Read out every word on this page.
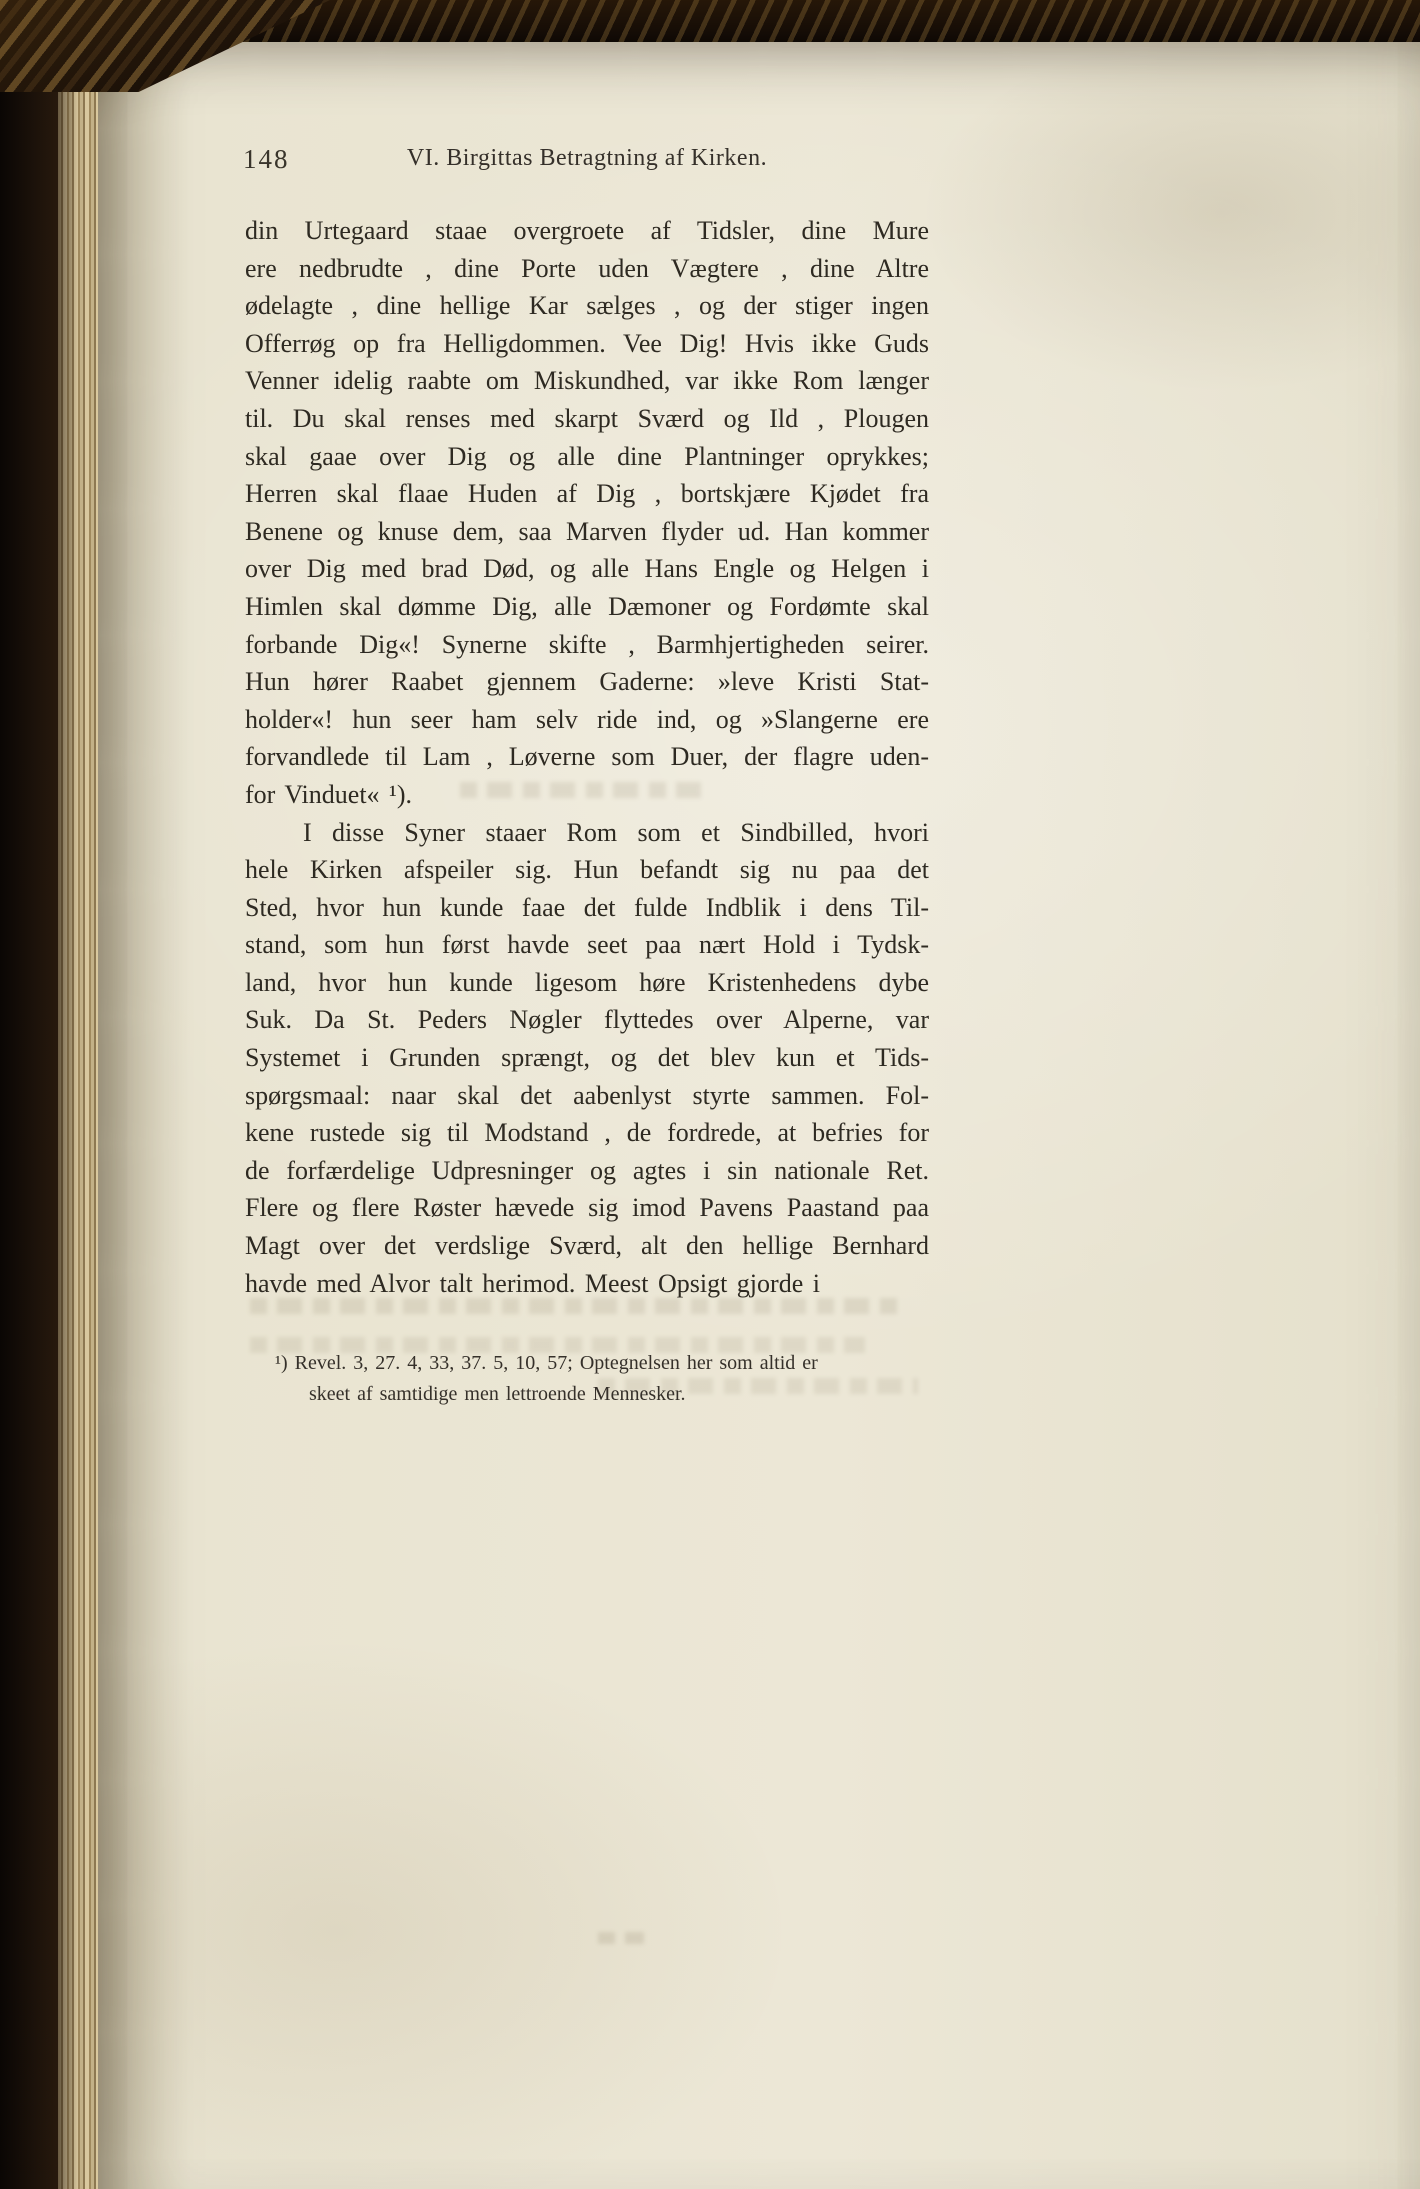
148	VI. Birgittas Betragtning af Kirken.
din Urtegaard staae overgroete af Tidsler, dine Mure
ere nedbrudte , dine Porte uden Vægtere , dine Altre
ødelagte , dine hellige Kar sælges , og der stiger ingen
Offerrøg op fra Helligdommen. Vee Dig! Hvis ikke Guds
Venner idelig raabte om Miskundhed, var ikke Rom længer
til. Du skal renses med skarpt Sværd og Ild , Plougen
skal gaae over Dig og alle dine Plantninger oprykkes;
Herren skal flaae Huden af Dig , bortskjære Kjødet fra
Benene og knuse dem, saa Marven flyder ud. Han kommer
over Dig med brad Død, og alle Hans Engle og Helgen i
Himlen skal dømme Dig, alle Dæmoner og Fordømte skal
forbande Dig«! Synerne skifte , Barmhjertigheden seirer.
Hun hører Raabet gjennem Gaderne: »leve Kristi Stat-
holder«! hun seer ham selv ride ind, og »Slangerne ere
forvandlede til Lam , Løverne som Duer, der flagre uden-
for Vinduet« ¹).
I disse Syner staaer Rom som et Sindbilled, hvori
hele Kirken afspeiler sig. Hun befandt sig nu paa det
Sted, hvor hun kunde faae det fulde Indblik i dens Til-
stand, som hun først havde seet paa nært Hold i Tydsk-
land, hvor hun kunde ligesom høre Kristenhedens dybe
Suk. Da St. Peders Nøgler flyttedes over Alperne, var
Systemet i Grunden sprængt, og det blev kun et Tids-
spørgsmaal: naar skal det aabenlyst styrte sammen. Fol-
kene rustede sig til Modstand , de fordrede, at befries for
de forfærdelige Udpresninger og agtes i sin nationale Ret.
Flere og flere Røster hævede sig imod Pavens Paastand paa
Magt over det verdslige Sværd, alt den hellige Bernhard
havde med Alvor talt herimod. Meest Opsigt gjorde i
¹) Revel. 3, 27. 4, 33, 37. 5, 10, 57; Optegnelsen her som altid er
skeet af samtidige men lettroende Mennesker.
